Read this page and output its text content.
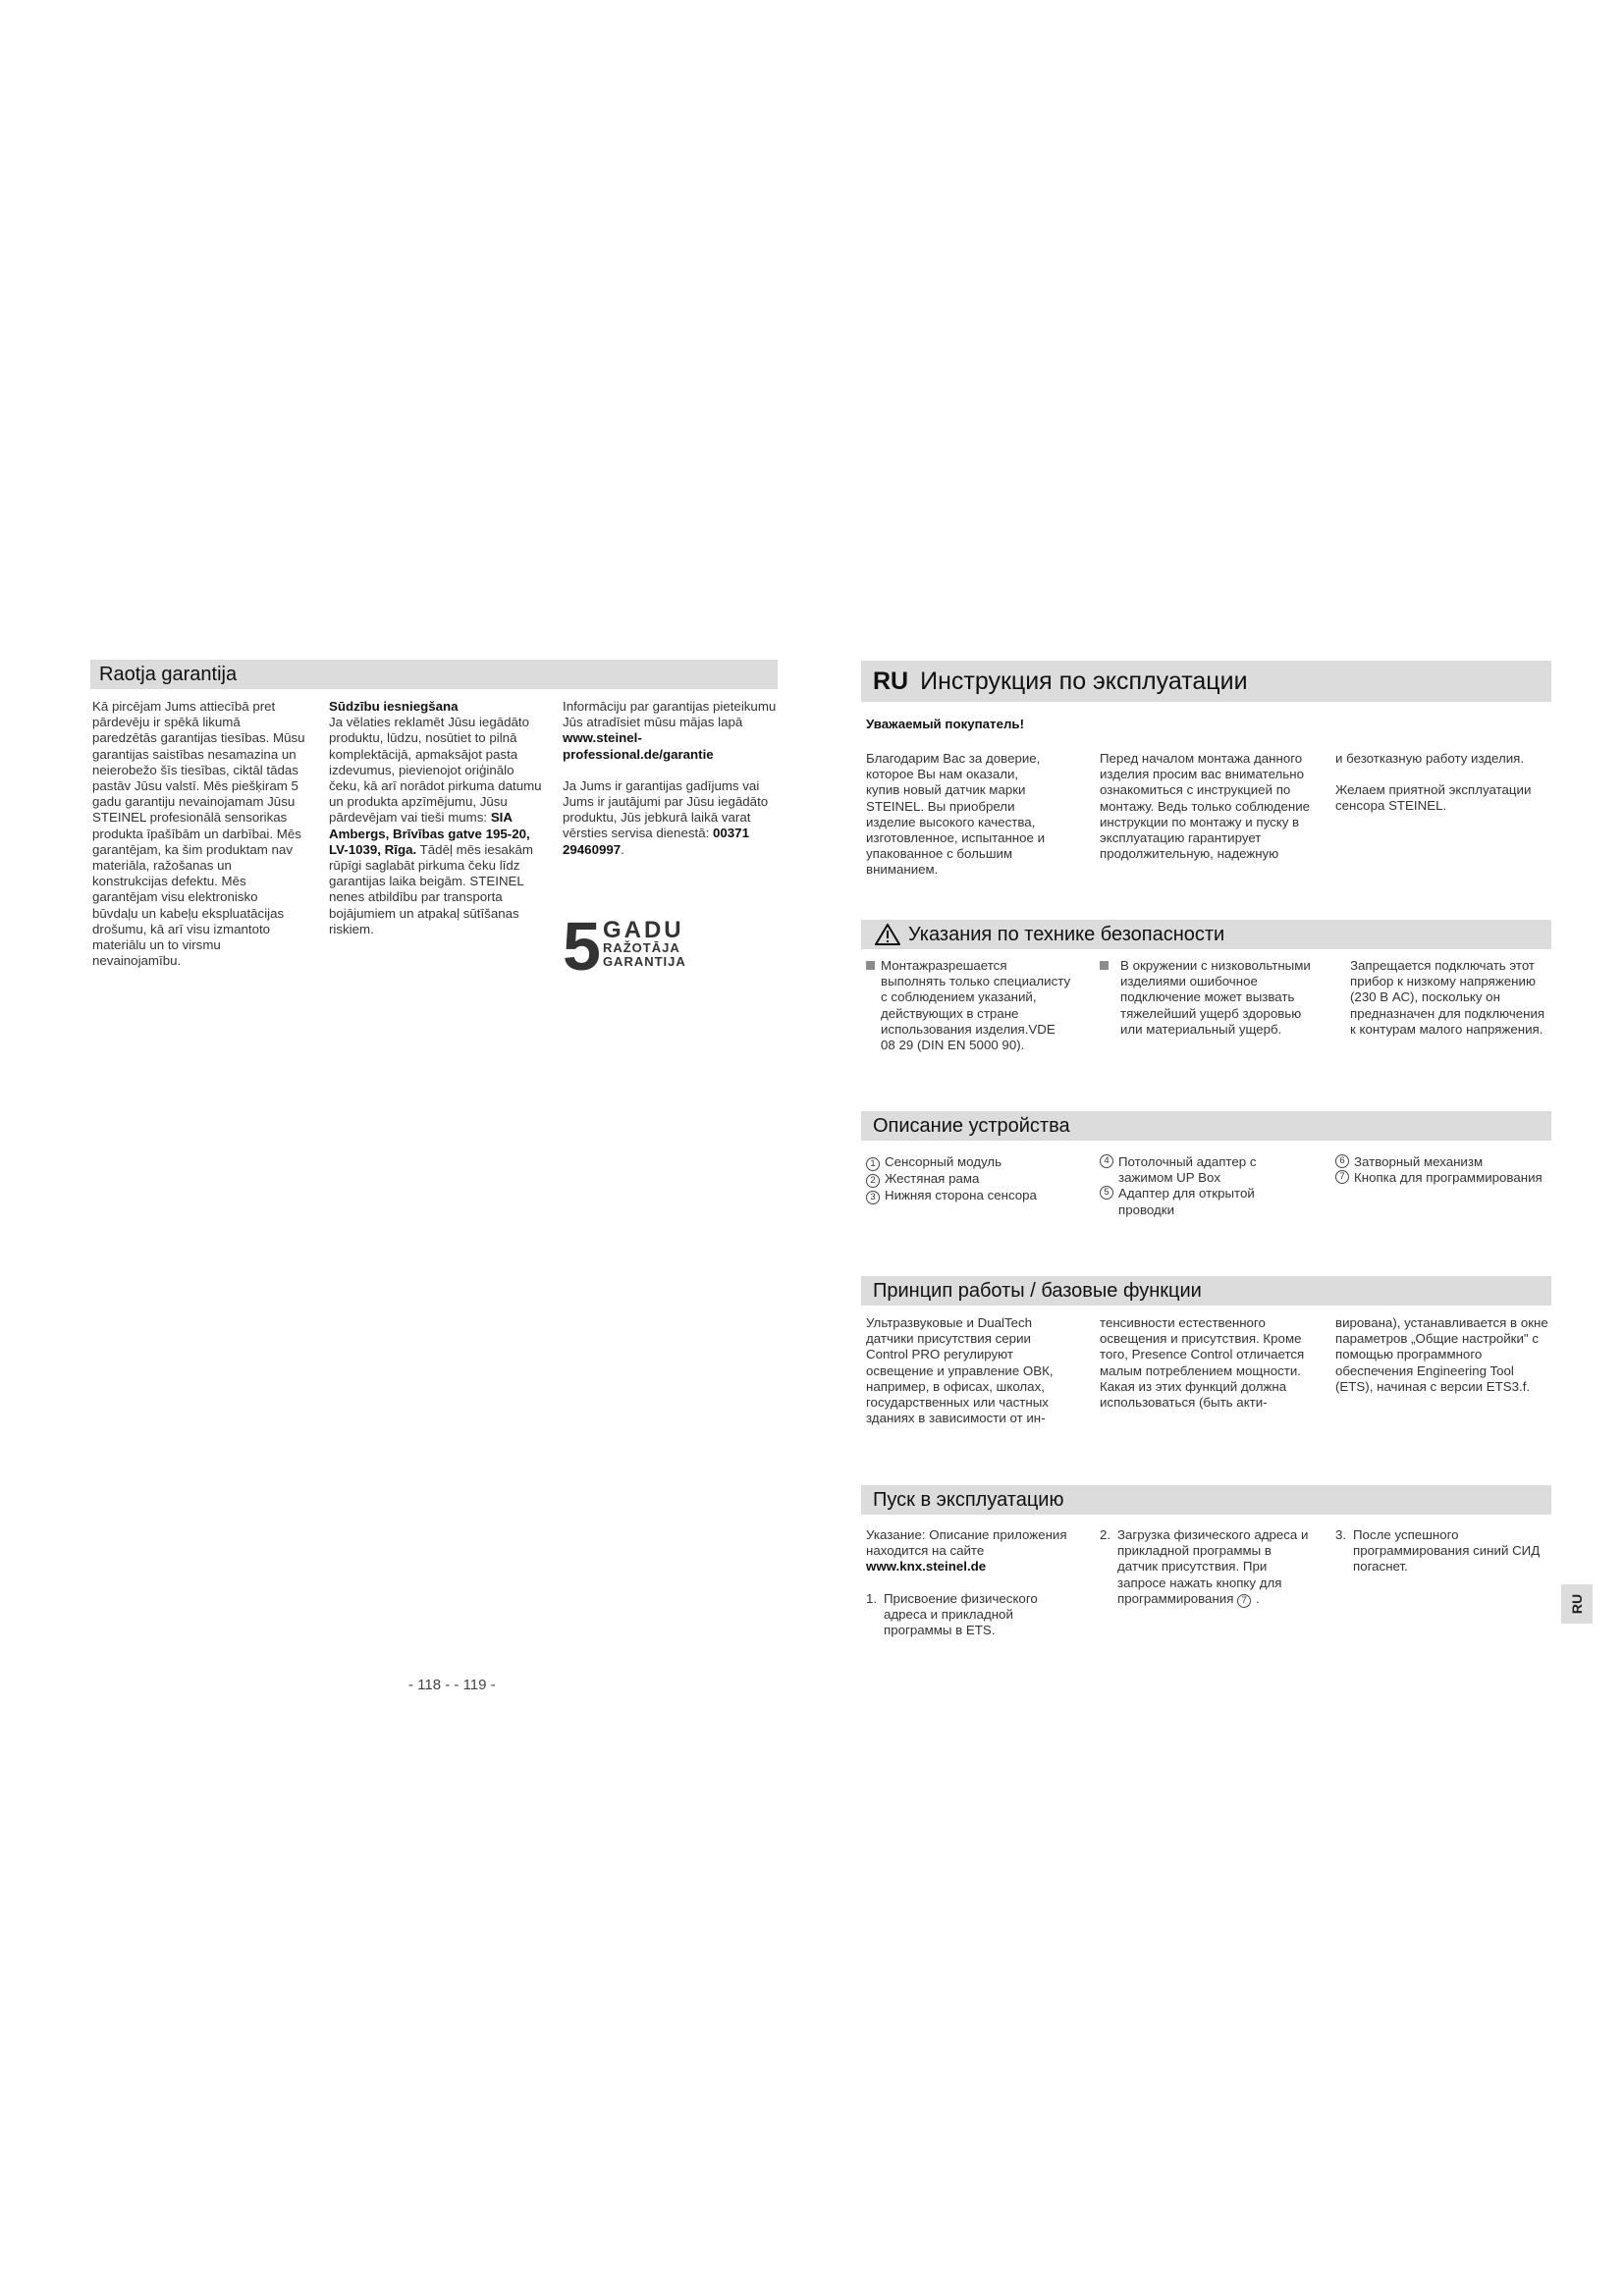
Raotja garantija

Kā pircējam Jums attiecībā pret pārdevēju ir spēkā likumā paredzētās garantijas tiesības. Mūsu garantijas saistības nesamazina un neierobežo šīs tiesības, ciktāl tādas pastāv Jūsu valstī. Mēs piešķiram 5 gadu garantiju nevainojamam Jūsu STEINEL profesionālā sensorikas produkta īpašībām un darbībai. Mēs garantējam, ka šim produktam nav materiāla, ražošanas un konstrukcijas defektu. Mēs garantējam visu elektronisko būvdaļu un kabeļu ekspluatācijas drošumu, kā arī visu izmantoto materiālu un to virsmu nevainojamību.

Sūdzību iesniegšana
Ja vēlaties reklamēt Jūsu iegādāto produktu, lūdzu, nosūtiet to pilnā komplektācijā, apmaksājot pasta izdevumus, pievienojot oriģinālo čeku, kā arī norādot pirkuma datumu un produkta apzīmējumu, Jūsu pārdevējam vai tieši mums: SIA Ambergs, Brīvības gatve 195-20, LV-1039, Rīga. Tādēļ mēs iesakām rūpīgi saglabāt pirkuma čeku līdz garantijas laika beigām. STEINEL nenes atbildību par transporta bojājumiem un atpakaļ sūtīšanas riskiem.

Informāciju par garantijas pieteikumu Jūs atradīsiet mūsu mājas lapā www.steinel-professional.de/garantie

Ja Jums ir garantijas gadījums vai Jums ir jautājumi par Jūsu iegādāto produktu, Jūs jebkurā laikā varat vērsties servisa dienestā: 00371 29460997.

5 GADU
RAŽOTĀJA
GARANTIJA
- 118 - - 119 -
RU Инструкция по эксплуатации
Уважаемый покупатель!

Благодарим Вас за доверие, которое Вы нам оказали, купив новый датчик марки STEINEL. Вы приобрели изделие высокого качества, изготовленное, испытанное и упакованное с большим вниманием.

Перед началом монтажа данного изделия просим вас внимательно ознакомиться с инструкцией по монтажу. Ведь только соблюдение инструкции по монтажу и пуску в эксплуатацию гарантирует продолжительную, надежную

и безотказную работу изделия.

Желаем приятной эксплуатации сенсора STEINEL.

Указания по технике безопасности
Монтажразрешается выполнять только специалисту с соблюдением указаний, действующих в стране использования изделия.VDE 08 29 (DIN EN 5000 90).
В окружении с низковольтными изделиями ошибочное подключение может вызвать тяжелейший ущерб здоровью или материальный ущерб.

Запрещается подключать этот прибор к низкому напряжению (230 В АС), поскольку он предназначен для подключения к контурам малого напряжения.

Описание устройства
1 Сенсорный модуль
2 Жестяная рама
3 Нижняя сторона сенсора
4 Потолочный адаптер с зажимом UP Box
5 Адаптер для открытой проводки
6 Затворный механизм
7 Кнопка для программирования
Принцип работы / базовые функции

Ультразвуковые и DualTech датчики присутствия серии Control PRO регулируют освещение и управление ОВК, например, в офисах, школах, государственных или частных зданиях в зависимости от ин-

тенсивности естественного освещения и присутствия. Кроме того, Presence Control отличается малым потреблением мощности. Какая из этих функций должна использоваться (быть акти-

вирована), устанавливается в окне параметров „Общие настройки" с помощью программного обеспечения Engineering Tool (ETS), начиная с версии ETS3.f.

Пуск в эксплуатацию

Указание: Описание приложения находится на сайте www.knx.steinel.de

1. Присвоение физического адреса и прикладной программы в ETS.
2. Загрузка физического адреса и прикладной программы в датчик присутствия. При запросе нажать кнопку для программирования 7 .
3. После успешного программирования синий СИД погаснет.
RU
